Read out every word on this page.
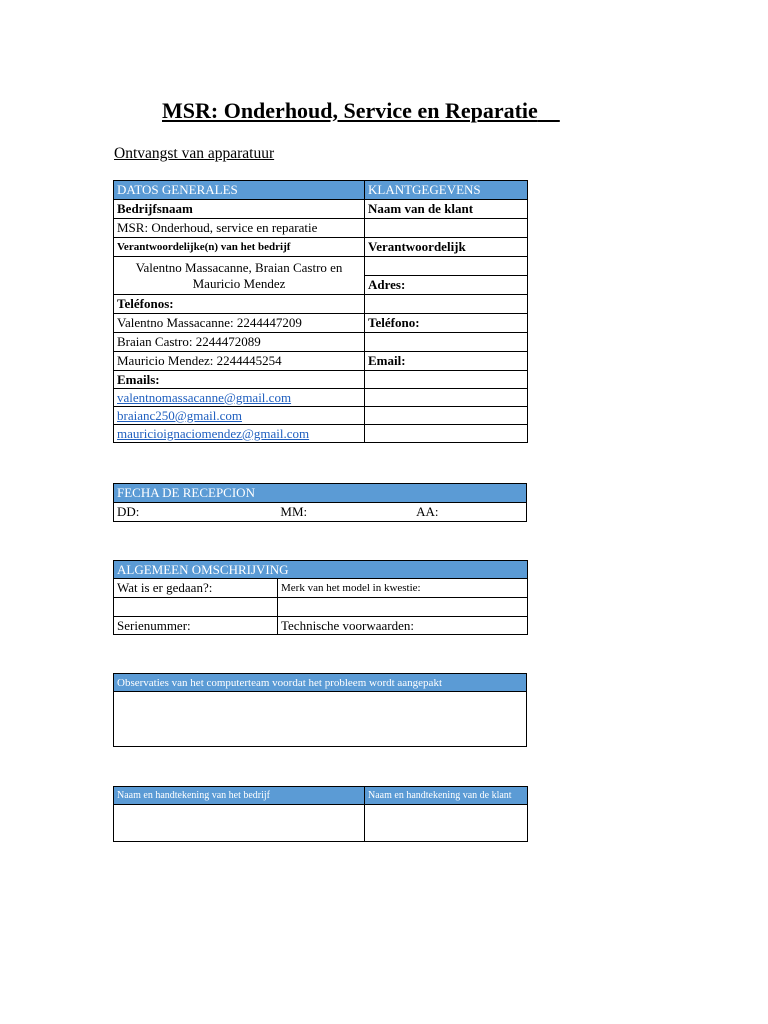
MSR: Onderhoud, Service en Reparatie
Ontvangst van apparatuur
DATOS GENERALES	KLANTGEGEVENS
Bedrijfsnaam	Naam van de klant
MSR: Onderhoud, service en reparatie	
Verantwoordelijke(n) van het bedrijf	Verantwoordelijk
Valentno Massacanne, Braian Castro en Mauricio Mendez	
	Adres:
Teléfonos:	
Valentno Massacanne: 2244447209	Teléfono:
Braian Castro: 2244472089	
Mauricio Mendez: 2244445254	Email:
Emails:	
valentnomassacanne@gmail.com	
braianc250@gmail.com	
mauricioignaciomendez@gmail.com	
FECHA DE RECEPCION
DD:	MM:	AA:
ALGEMEEN OMSCHRIJVING	
Wat is er gedaan?:	Merk van het model in kwestie:

Serienummer:	Technische voorwaarden:
Observaties van het computerteam voordat het probleem wordt aangepakt

Naam en handtekening van het bedrijf	Naam en handtekening van de klant
